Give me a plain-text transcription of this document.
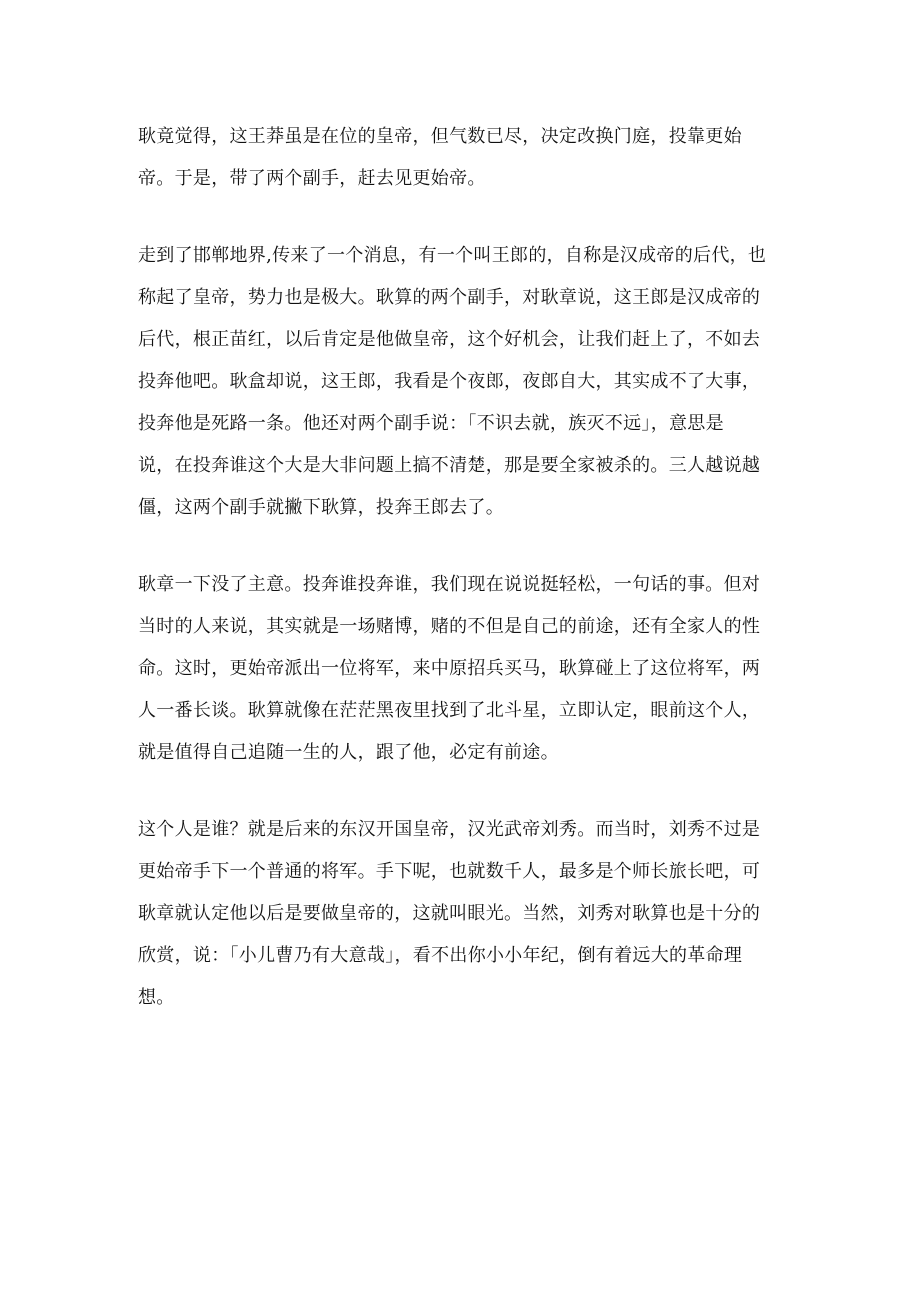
耿竟觉得，这王莽虽是在位的皇帝，但气数已尽，决定改换门庭，投靠更始
帝。于是，带了两个副手，赶去见更始帝。
走到了邯郸地界,传来了一个消息，有一个叫王郎的，自称是汉成帝的后代，也
称起了皇帝，势力也是极大。耿算的两个副手，对耿章说，这王郎是汉成帝的
后代，根正苗红，以后肯定是他做皇帝，这个好机会，让我们赶上了，不如去
投奔他吧。耿盒却说，这王郎，我看是个夜郎，夜郎自大，其实成不了大事，
投奔他是死路一条。他还对两个副手说：「不识去就，族灭不远」，意思是
说，在投奔谁这个大是大非问题上搞不清楚，那是要全家被杀的。三人越说越
僵，这两个副手就撇下耿算，投奔王郎去了。
耿章一下没了主意。投奔谁投奔谁，我们现在说说挺轻松，一句话的事。但对
当时的人来说，其实就是一场赌博，赌的不但是自己的前途，还有全家人的性
命。这时，更始帝派出一位将军，来中原招兵买马，耿算碰上了这位将军，两
人一番长谈。耿算就像在茫茫黑夜里找到了北斗星，立即认定，眼前这个人，
就是值得自己追随一生的人，跟了他，必定有前途。
这个人是谁？就是后来的东汉开国皇帝，汉光武帝刘秀。而当时，刘秀不过是
更始帝手下一个普通的将军。手下呢，也就数千人，最多是个师长旅长吧，可
耿章就认定他以后是要做皇帝的，这就叫眼光。当然，刘秀对耿算也是十分的
欣赏，说：「小儿曹乃有大意哉」，看不出你小小年纪，倒有着远大的革命理
想。
